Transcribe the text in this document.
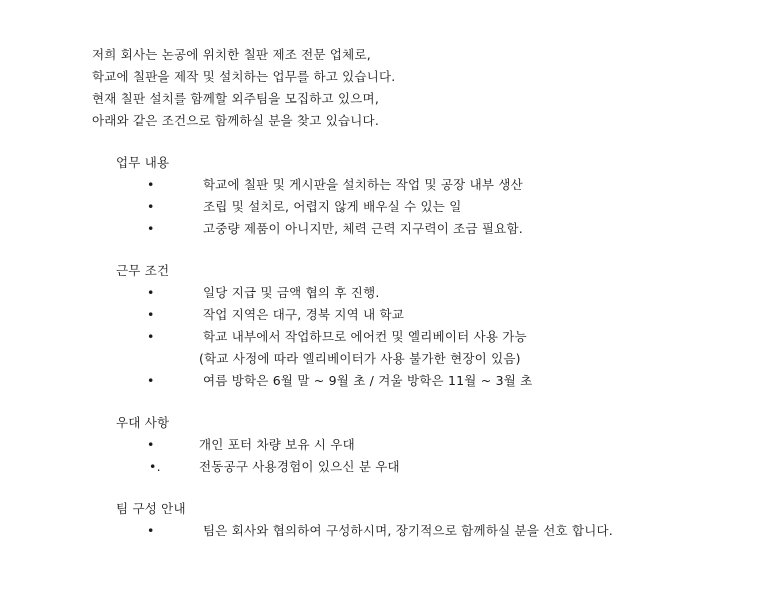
저희 회사는 논공에 위치한 칠판 제조 전문 업체로,
학교에 칠판을 제작 및 설치하는 업무를 하고 있습니다.
현재 칠판 설치를 함께할 외주팀을 모집하고 있으며,
아래와 같은 조건으로 함께하실 분을 찾고 있습니다.
업무 내용
•	학교에 칠판 및 게시판을 설치하는 작업 및 공장 내부 생산
•	조립 및 설치로, 어렵지 않게 배우실 수 있는 일
•	고중량 제품이 아니지만, 체력 근력 지구력이 조금 필요함.
근무 조건
•	일당 지급 및 금액 협의 후 진행.
•	작업 지역은 대구, 경북 지역 내 학교
•	학교 내부에서 작업하므로 에어컨 및 엘리베이터 사용 가능
(학교 사정에 따라 엘리베이터가 사용 불가한 현장이 있음)
•	여름 방학은 6월 말 ~ 9월 초 / 겨울 방학은 11월 ~ 3월 초
우대 사항
•	개인 포터 차량 보유 시 우대
•.	전동공구 사용경험이 있으신 분 우대
팀 구성 안내
•	팀은 회사와 협의하여 구성하시며, 장기적으로 함께하실 분을 선호 합니다.
